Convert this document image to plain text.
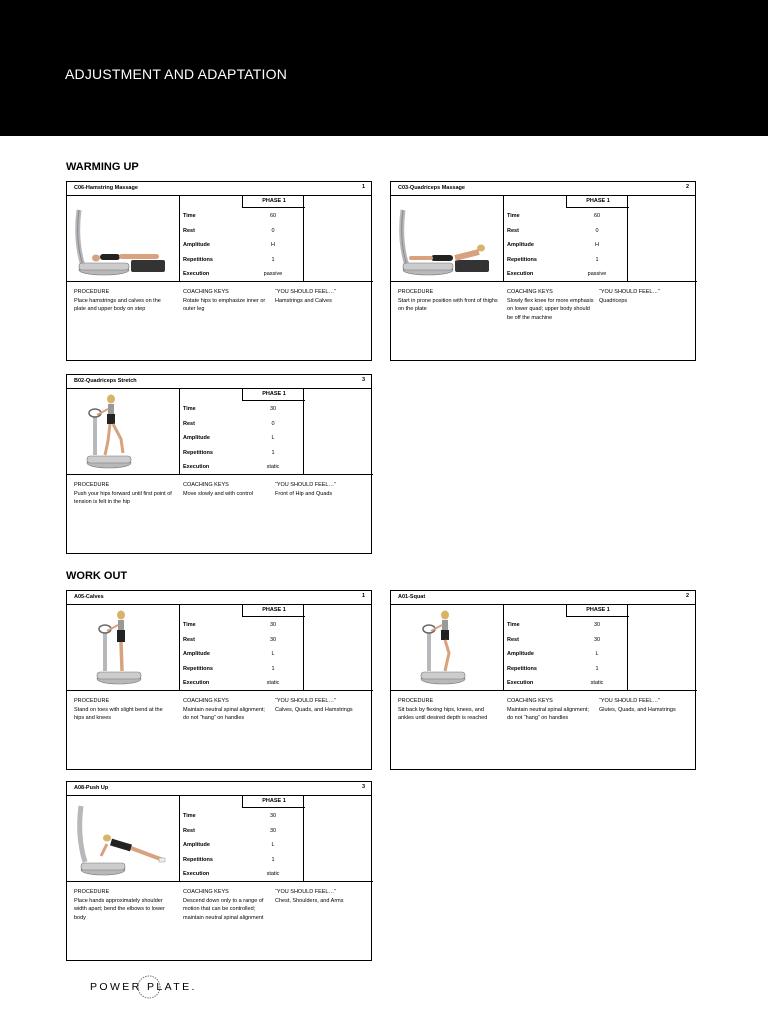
ADJUSTMENT AND ADAPTATION
WARMING UP
WORK OUT
C06-Hamstring Massage	1
PHASE 1
Time	60
Rest	0
Amplitude	H
Repetitions	1
Execution	passive
PROCEDURE
Place hamstrings and calves on the plate and upper body on step
COACHING KEYS
Rotate hips to emphasize inner or outer leg
“YOU SHOULD FEEL…”
Hamstrings and Calves
C03-Quadriceps Massage	2
PHASE 1
Time	60
Rest	0
Amplitude	H
Repetitions	1
Execution	passive
PROCEDURE
Start in prone position with front of thighs on the plate
COACHING KEYS
Slowly flex knee for more emphasis on lower quad; upper body should be off the machine
“YOU SHOULD FEEL…”
Quadriceps
B02-Quadriceps Stretch	3
PHASE 1
Time	30
Rest	0
Amplitude	L
Repetitions	1
Execution	static
PROCEDURE
Push your hips forward until first point of tension is felt in the hip
COACHING KEYS
Move slowly and with control
“YOU SHOULD FEEL…”
Front of Hip and Quads
A05-Calves	1
PHASE 1
Time	30
Rest	30
Amplitude	L
Repetitions	1
Execution	static
PROCEDURE
Stand on toes with slight bend at the hips and knees
COACHING KEYS
Maintain neutral spinal alignment; do not “hang” on handles
“YOU SHOULD FEEL…”
Calves, Quads, and Hamstrings
A01-Squat	2
PHASE 1
Time	30
Rest	30
Amplitude	L
Repetitions	1
Execution	static
PROCEDURE
Sit back by flexing hips, knees, and ankles until desired depth is reached
COACHING KEYS
Maintain neutral spinal alignment; do not “hang” on handles
“YOU SHOULD FEEL…”
Glutes, Quads, and Hamstrings
A08-Push Up	3
PHASE 1
Time	30
Rest	30
Amplitude	L
Repetitions	1
Execution	static
PROCEDURE
Place hands approximately shoulder width apart; bend the elbows to lower body
COACHING KEYS
Descend down only to a range of motion that can be controlled; maintain neutral spinal alignment
“YOU SHOULD FEEL…”
Chest, Shoulders, and Arms
POWER PLATE.
